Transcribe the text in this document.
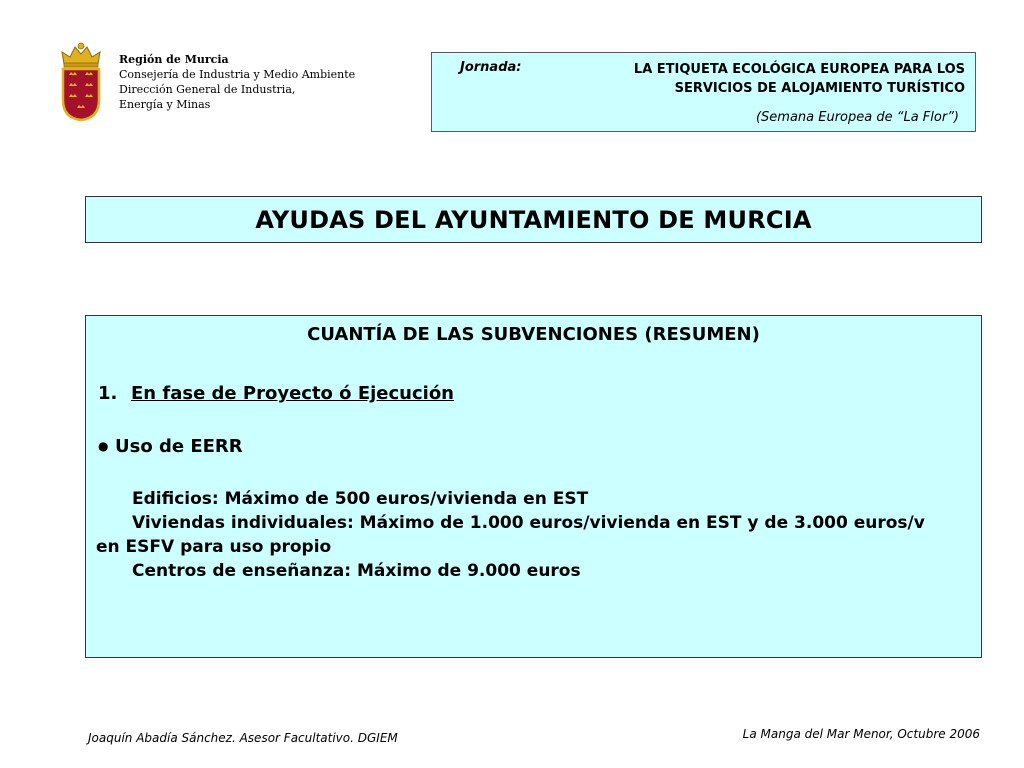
Región de Murcia
Consejería de Industria y Medio Ambiente
Dirección General de Industria,
Energía y Minas
Jornada:	LA ETIQUETA ECOLÓGICA EUROPEA PARA LOS
SERVICIOS DE ALOJAMIENTO TURÍSTICO
(Semana Europea de “La Flor”)
AYUDAS DEL AYUNTAMIENTO DE MURCIA
CUANTÍA DE LAS SUBVENCIONES (RESUMEN)
1. En fase de Proyecto ó Ejecución
● Uso de EERR
Edificios: Máximo de 500 euros/vivienda en EST
Viviendas individuales: Máximo de 1.000 euros/vivienda en EST y de 3.000 euros/v
en ESFV para uso propio
Centros de enseñanza: Máximo de 9.000 euros
Joaquín Abadía Sánchez. Asesor Facultativo. DGIEM	La Manga del Mar Menor, Octubre 2006
